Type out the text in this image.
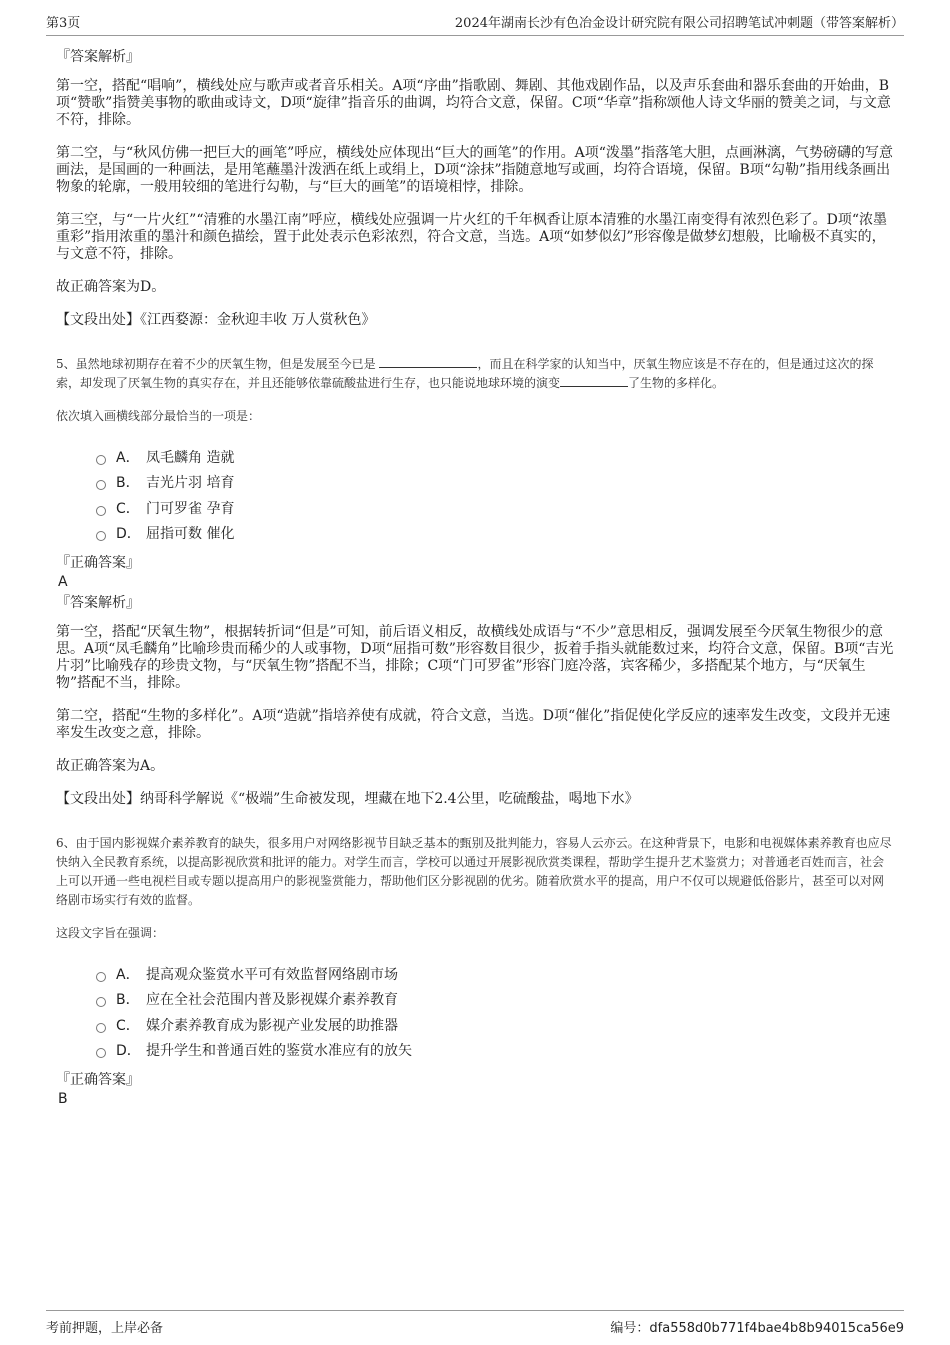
第3页	2024年湖南长沙有色冶金设计研究院有限公司招聘笔试冲刺题（带答案解析）
『答案解析』

第一空，搭配“唱响”，横线处应与歌声或者音乐相关。A项“序曲”指歌剧、舞剧、其他戏剧作品，以及声乐套曲和器乐套曲的开始曲，B项“赞歌”指赞美事物的歌曲或诗文，D项“旋律”指音乐的曲调，均符合文意，保留。C项“华章”指称颂他人诗文华丽的赞美之词，与文意不符，排除。

第二空，与“秋风仿佛一把巨大的画笔”呼应，横线处应体现出“巨大的画笔”的作用。A项“泼墨”指落笔大胆，点画淋漓，气势磅礴的写意画法，是国画的一种画法，是用笔蘸墨汁泼洒在纸上或绢上，D项“涂抹”指随意地写或画，均符合语境，保留。B项“勾勒”指用线条画出物象的轮廓，一般用较细的笔进行勾勒，与“巨大的画笔”的语境相悖，排除。

第三空，与“一片火红”“清雅的水墨江南”呼应，横线处应强调一片火红的千年枫香让原本清雅的水墨江南变得有浓烈色彩了。D项“浓墨重彩”指用浓重的墨汁和颜色描绘，置于此处表示色彩浓烈，符合文意，当选。A项“如梦似幻”形容像是做梦幻想般，比喻极不真实的，与文意不符，排除。

故正确答案为D。

【文段出处】《江西婺源：金秋迎丰收 万人赏秋色》

5、虽然地球初期存在着不少的厌氧生物，但是发展至今已是	，而且在科学家的认知当中，厌氧生物应该是不存在的，但是通过这次的探索，却发现了厌氧生物的真实存在，并且还能够依靠硫酸盐进行生存，也只能说地球环境的演变	了生物的多样化。

依次填入画横线部分最恰当的一项是：

A． 凤毛麟角 造就
B． 吉光片羽 培育
C． 门可罗雀 孕育
D． 屈指可数 催化
『正确答案』
A
『答案解析』

第一空，搭配“厌氧生物”，根据转折词“但是”可知，前后语义相反，故横线处成语与“不少”意思相反，强调发展至今厌氧生物很少的意思。A项“凤毛麟角”比喻珍贵而稀少的人或事物，D项“屈指可数”形容数目很少，扳着手指头就能数过来，均符合文意，保留。B项“吉光片羽”比喻残存的珍贵文物，与“厌氧生物”搭配不当，排除；C项“门可罗雀”形容门庭冷落，宾客稀少，多搭配某个地方，与“厌氧生物”搭配不当，排除。

第二空，搭配“生物的多样化”。A项“造就”指培养使有成就，符合文意，当选。D项“催化”指促使化学反应的速率发生改变，文段并无速率发生改变之意，排除。

故正确答案为A。

【文段出处】纳哥科学解说《“极端”生命被发现，埋藏在地下2.4公里，吃硫酸盐，喝地下水》

6、由于国内影视媒介素养教育的缺失，很多用户对网络影视节目缺乏基本的甄别及批判能力，容易人云亦云。在这种背景下，电影和电视媒体素养教育也应尽快纳入全民教育系统，以提高影视欣赏和批评的能力。对学生而言，学校可以通过开展影视欣赏类课程，帮助学生提升艺术鉴赏力；对普通老百姓而言，社会上可以开通一些电视栏目或专题以提高用户的影视鉴赏能力，帮助他们区分影视剧的优劣。随着欣赏水平的提高，用户不仅可以规避低俗影片，甚至可以对网络剧市场实行有效的监督。

这段文字旨在强调：

A． 提高观众鉴赏水平可有效监督网络剧市场
B． 应在全社会范围内普及影视媒介素养教育
C． 媒介素养教育成为影视产业发展的助推器
D． 提升学生和普通百姓的鉴赏水准应有的放矢
『正确答案』
B
考前押题，上岸必备	编号：dfa558d0b771f4bae4b8b94015ca56e9
